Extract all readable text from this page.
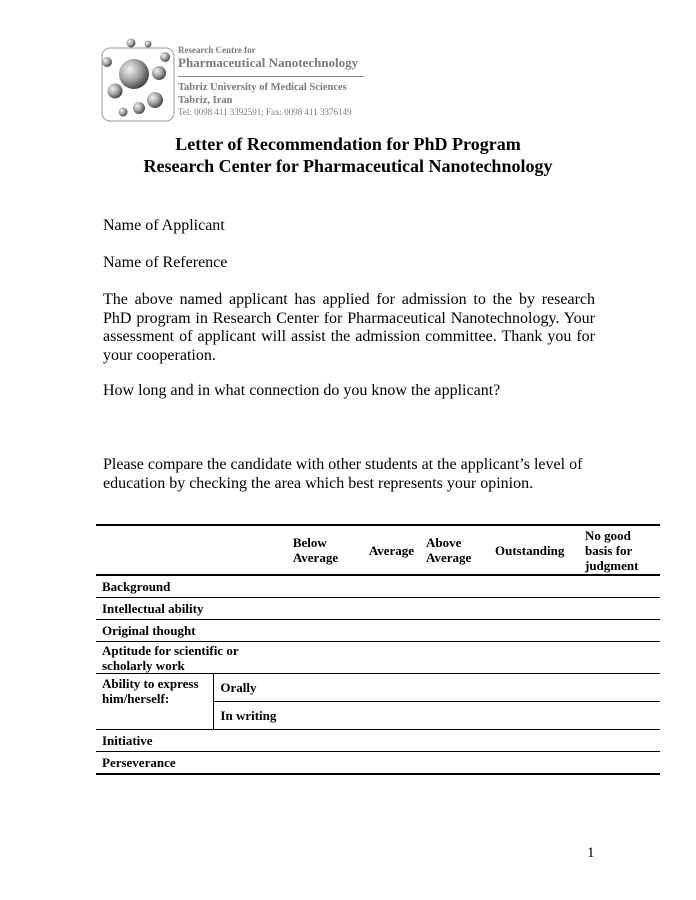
Research Centre for
Pharmaceutical Nanotechnology
Tabriz University of Medical Sciences
Tabriz, Iran
Tel: 0098 411 3392591; Fax: 0098 411 3376149
Letter of Recommendation for PhD Program
Research Center for Pharmaceutical Nanotechnology
Name of Applicant
Name of Reference
The above named applicant has applied for admission to the by research PhD program in Research Center for Pharmaceutical Nanotechnology. Your assessment of applicant will assist the admission committee. Thank you for your cooperation.
How long and in what connection do you know the applicant?
Please compare the candidate with other students at the applicant’s level of education by checking the area which best represents your opinion.
		Below Average	Average	Above Average	Outstanding	No good basis for judgment
Background						
Intellectual ability						
Original thought						
Aptitude for scientific or scholarly work						
Ability to express him/herself:	Orally					
	In writing					
Initiative						
Perseverance						
1
